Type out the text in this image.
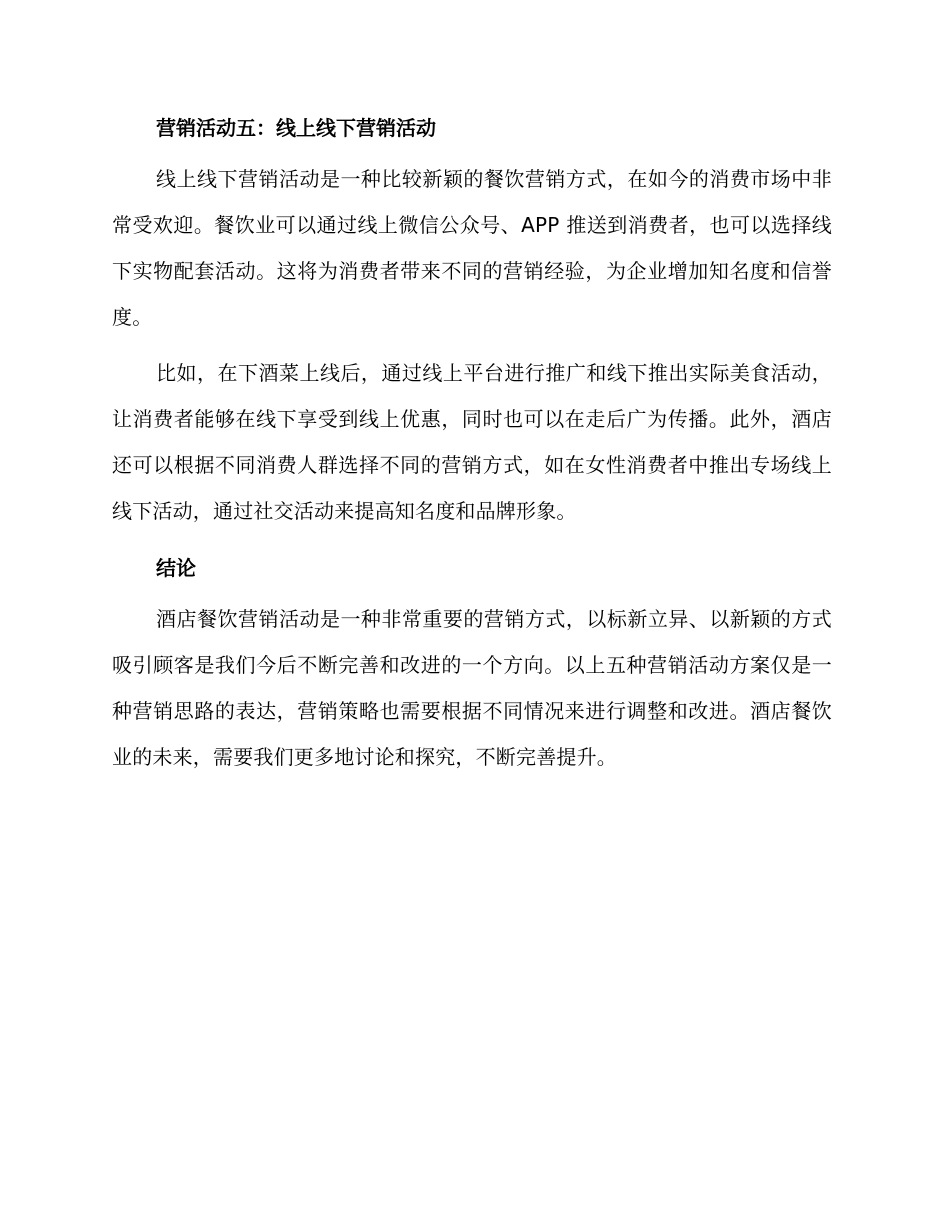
营销活动五：线上线下营销活动

线上线下营销活动是一种比较新颖的餐饮营销方式，在如今的消费市场中非常受欢迎。餐饮业可以通过线上微信公众号、APP 推送到消费者，也可以选择线下实物配套活动。这将为消费者带来不同的营销经验，为企业增加知名度和信誉度。

比如，在下酒菜上线后，通过线上平台进行推广和线下推出实际美食活动，让消费者能够在线下享受到线上优惠，同时也可以在走后广为传播。此外，酒店还可以根据不同消费人群选择不同的营销方式，如在女性消费者中推出专场线上线下活动，通过社交活动来提高知名度和品牌形象。

结论

酒店餐饮营销活动是一种非常重要的营销方式，以标新立异、以新颖的方式吸引顾客是我们今后不断完善和改进的一个方向。以上五种营销活动方案仅是一种营销思路的表达，营销策略也需要根据不同情况来进行调整和改进。酒店餐饮业的未来，需要我们更多地讨论和探究，不断完善提升。
